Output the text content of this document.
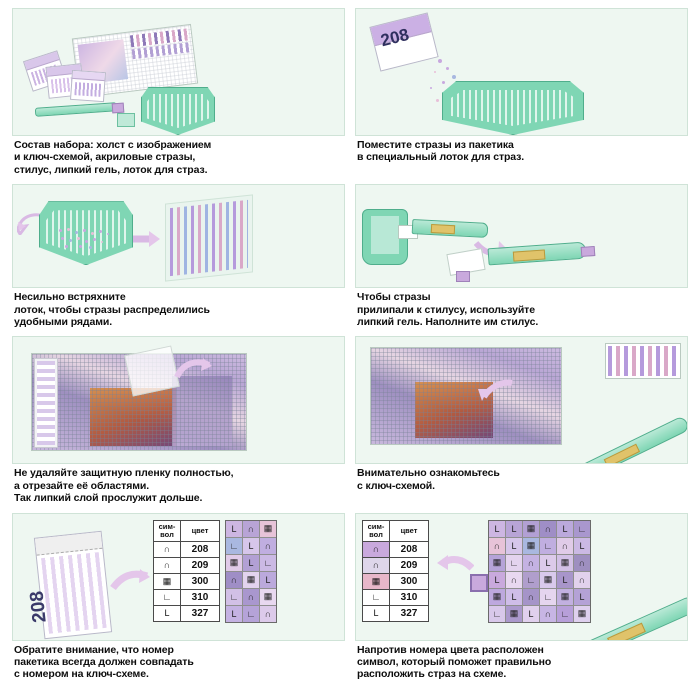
Состав набора: холст с изображением
и ключ-схемой, акриловые стразы,
стилус, липкий гель, лоток для страз.
208
Поместите стразы из пакетика
в специальный лоток для страз.
Несильно встряхните
лоток, чтобы стразы распределились
удобными рядами.
Чтобы стразы
прилипали к стилусу, используйте
липкий гель. Наполните им стилус.
Не удаляйте защитную пленку полностью,
а отрезайте её областями.
Так липкий слой прослужит дольше.
Внимательно ознакомьтесь
с ключ-схемой.
208
сим-
вол	цвет
∩	208
∩	209
▦	300
∟	310
L	327
L	∩	▦
∟	L	∩
▦	L	∟
∩	▦	L
∟	∩	▦
L	∟	∩
Обратите внимание, что номер
пакетика всегда должен совпадать
с номером на ключ-схеме.
сим-
вол	цвет
∩	208
∩	209
▦	300
∟	310
L	327
L	L	▦	∩	L	∟
∩	L	▦ ∟	∩	L
▦ ∟	∩	L	▦	∩
L	∩	∟ ▦	L	∩
▦	L	∩	∟ ▦	L
∟ ▦	L	∩	∟ ▦
Напротив номера цвета расположен
символ, который поможет правильно
расположить страз на схеме.
